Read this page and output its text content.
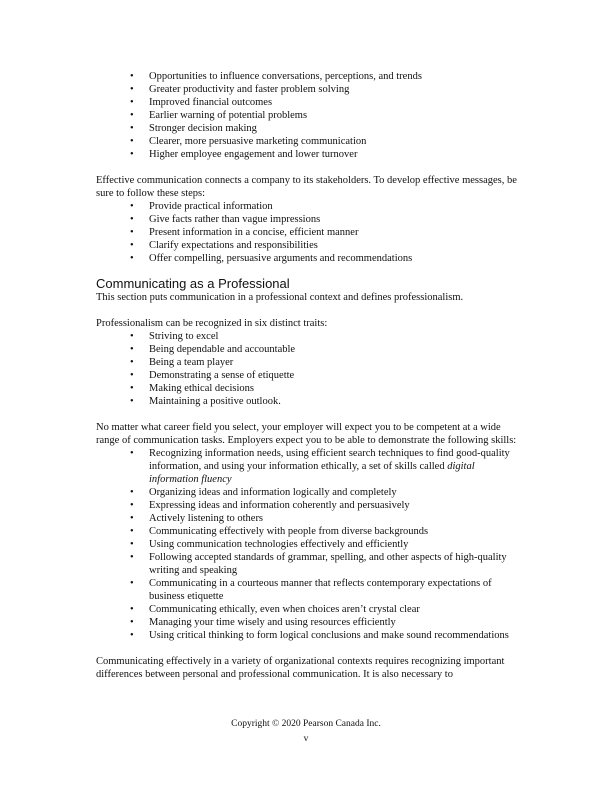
• Opportunities to influence conversations, perceptions, and trends
• Greater productivity and faster problem solving
• Improved financial outcomes
• Earlier warning of potential problems
• Stronger decision making
• Clearer, more persuasive marketing communication
• Higher employee engagement and lower turnover

Effective communication connects a company to its stakeholders. To develop effective messages, be sure to follow these steps:

• Provide practical information
• Give facts rather than vague impressions
• Present information in a concise, efficient manner
• Clarify expectations and responsibilities
• Offer compelling, persuasive arguments and recommendations
Communicating as a Professional

This section puts communication in a professional context and defines professionalism.

Professionalism can be recognized in six distinct traits:

• Striving to excel
• Being dependable and accountable
• Being a team player
• Demonstrating a sense of etiquette
• Making ethical decisions
• Maintaining a positive outlook.

No matter what career field you select, your employer will expect you to be competent at a wide range of communication tasks. Employers expect you to be able to demonstrate the following skills:

• Recognizing information needs, using efficient search techniques to find good-quality information, and using your information ethically, a set of skills called digital information fluency
• Organizing ideas and information logically and completely
• Expressing ideas and information coherently and persuasively
• Actively listening to others
• Communicating effectively with people from diverse backgrounds
• Using communication technologies effectively and efficiently
• Following accepted standards of grammar, spelling, and other aspects of high-quality writing and speaking
• Communicating in a courteous manner that reflects contemporary expectations of business etiquette
• Communicating ethically, even when choices aren’t crystal clear
• Managing your time wisely and using resources efficiently
• Using critical thinking to form logical conclusions and make sound recommendations

Communicating effectively in a variety of organizational contexts requires recognizing important differences between personal and professional communication. It is also necessary to

Copyright © 2020 Pearson Canada Inc.
v
